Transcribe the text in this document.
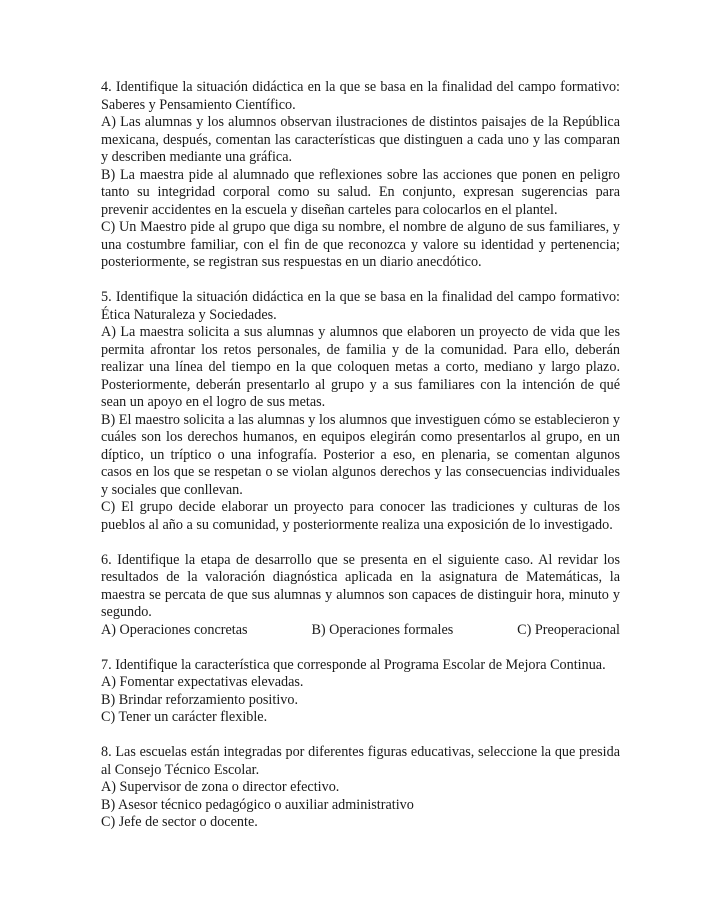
4. Identifique la situación didáctica en la que se basa en la finalidad del campo formativo: Saberes y Pensamiento Científico.

A) Las alumnas y los alumnos observan ilustraciones de distintos paisajes de la República mexicana, después, comentan las características que distinguen a cada uno y las comparan y describen mediante una gráfica.

B) La maestra pide al alumnado que reflexiones sobre las acciones que ponen en peligro tanto su integridad corporal como su salud. En conjunto, expresan sugerencias para prevenir accidentes en la escuela y diseñan carteles para colocarlos en el plantel.

C) Un Maestro pide al grupo que diga su nombre, el nombre de alguno de sus familiares, y una costumbre familiar, con el fin de que reconozca y valore su identidad y pertenencia; posteriormente, se registran sus respuestas en un diario anecdótico.

5. Identifique la situación didáctica en la que se basa en la finalidad del campo formativo: Ética Naturaleza y Sociedades.

A) La maestra solicita a sus alumnas y alumnos que elaboren un proyecto de vida que les permita afrontar los retos personales, de familia y de la comunidad. Para ello, deberán realizar una línea del tiempo en la que coloquen metas a corto, mediano y largo plazo. Posteriormente, deberán presentarlo al grupo y a sus familiares con la intención de qué sean un apoyo en el logro de sus metas.

B) El maestro solicita a las alumnas y los alumnos que investiguen cómo se establecieron y cuáles son los derechos humanos, en equipos elegirán como presentarlos al grupo, en un díptico, un tríptico o una infografía. Posterior a eso, en plenaria, se comentan algunos casos en los que se respetan o se violan algunos derechos y las consecuencias individuales y sociales que conllevan.

C) El grupo decide elaborar un proyecto para conocer las tradiciones y culturas de los pueblos al año a su comunidad, y posteriormente realiza una exposición de lo investigado.

6. Identifique la etapa de desarrollo que se presenta en el siguiente caso. Al revidar los resultados de la valoración diagnóstica aplicada en la asignatura de Matemáticas, la maestra se percata de que sus alumnas y alumnos son capaces de distinguir hora, minuto y segundo.

A) Operaciones concretas	B) Operaciones formales	C) Preoperacional

7. Identifique la característica que corresponde al Programa Escolar de Mejora Continua.

A) Fomentar expectativas elevadas.

B) Brindar reforzamiento positivo.

C) Tener un carácter flexible.

8. Las escuelas están integradas por diferentes figuras educativas, seleccione la que presida al Consejo Técnico Escolar.

A) Supervisor de zona o director efectivo.

B) Asesor técnico pedagógico o auxiliar administrativo

C) Jefe de sector o docente.
